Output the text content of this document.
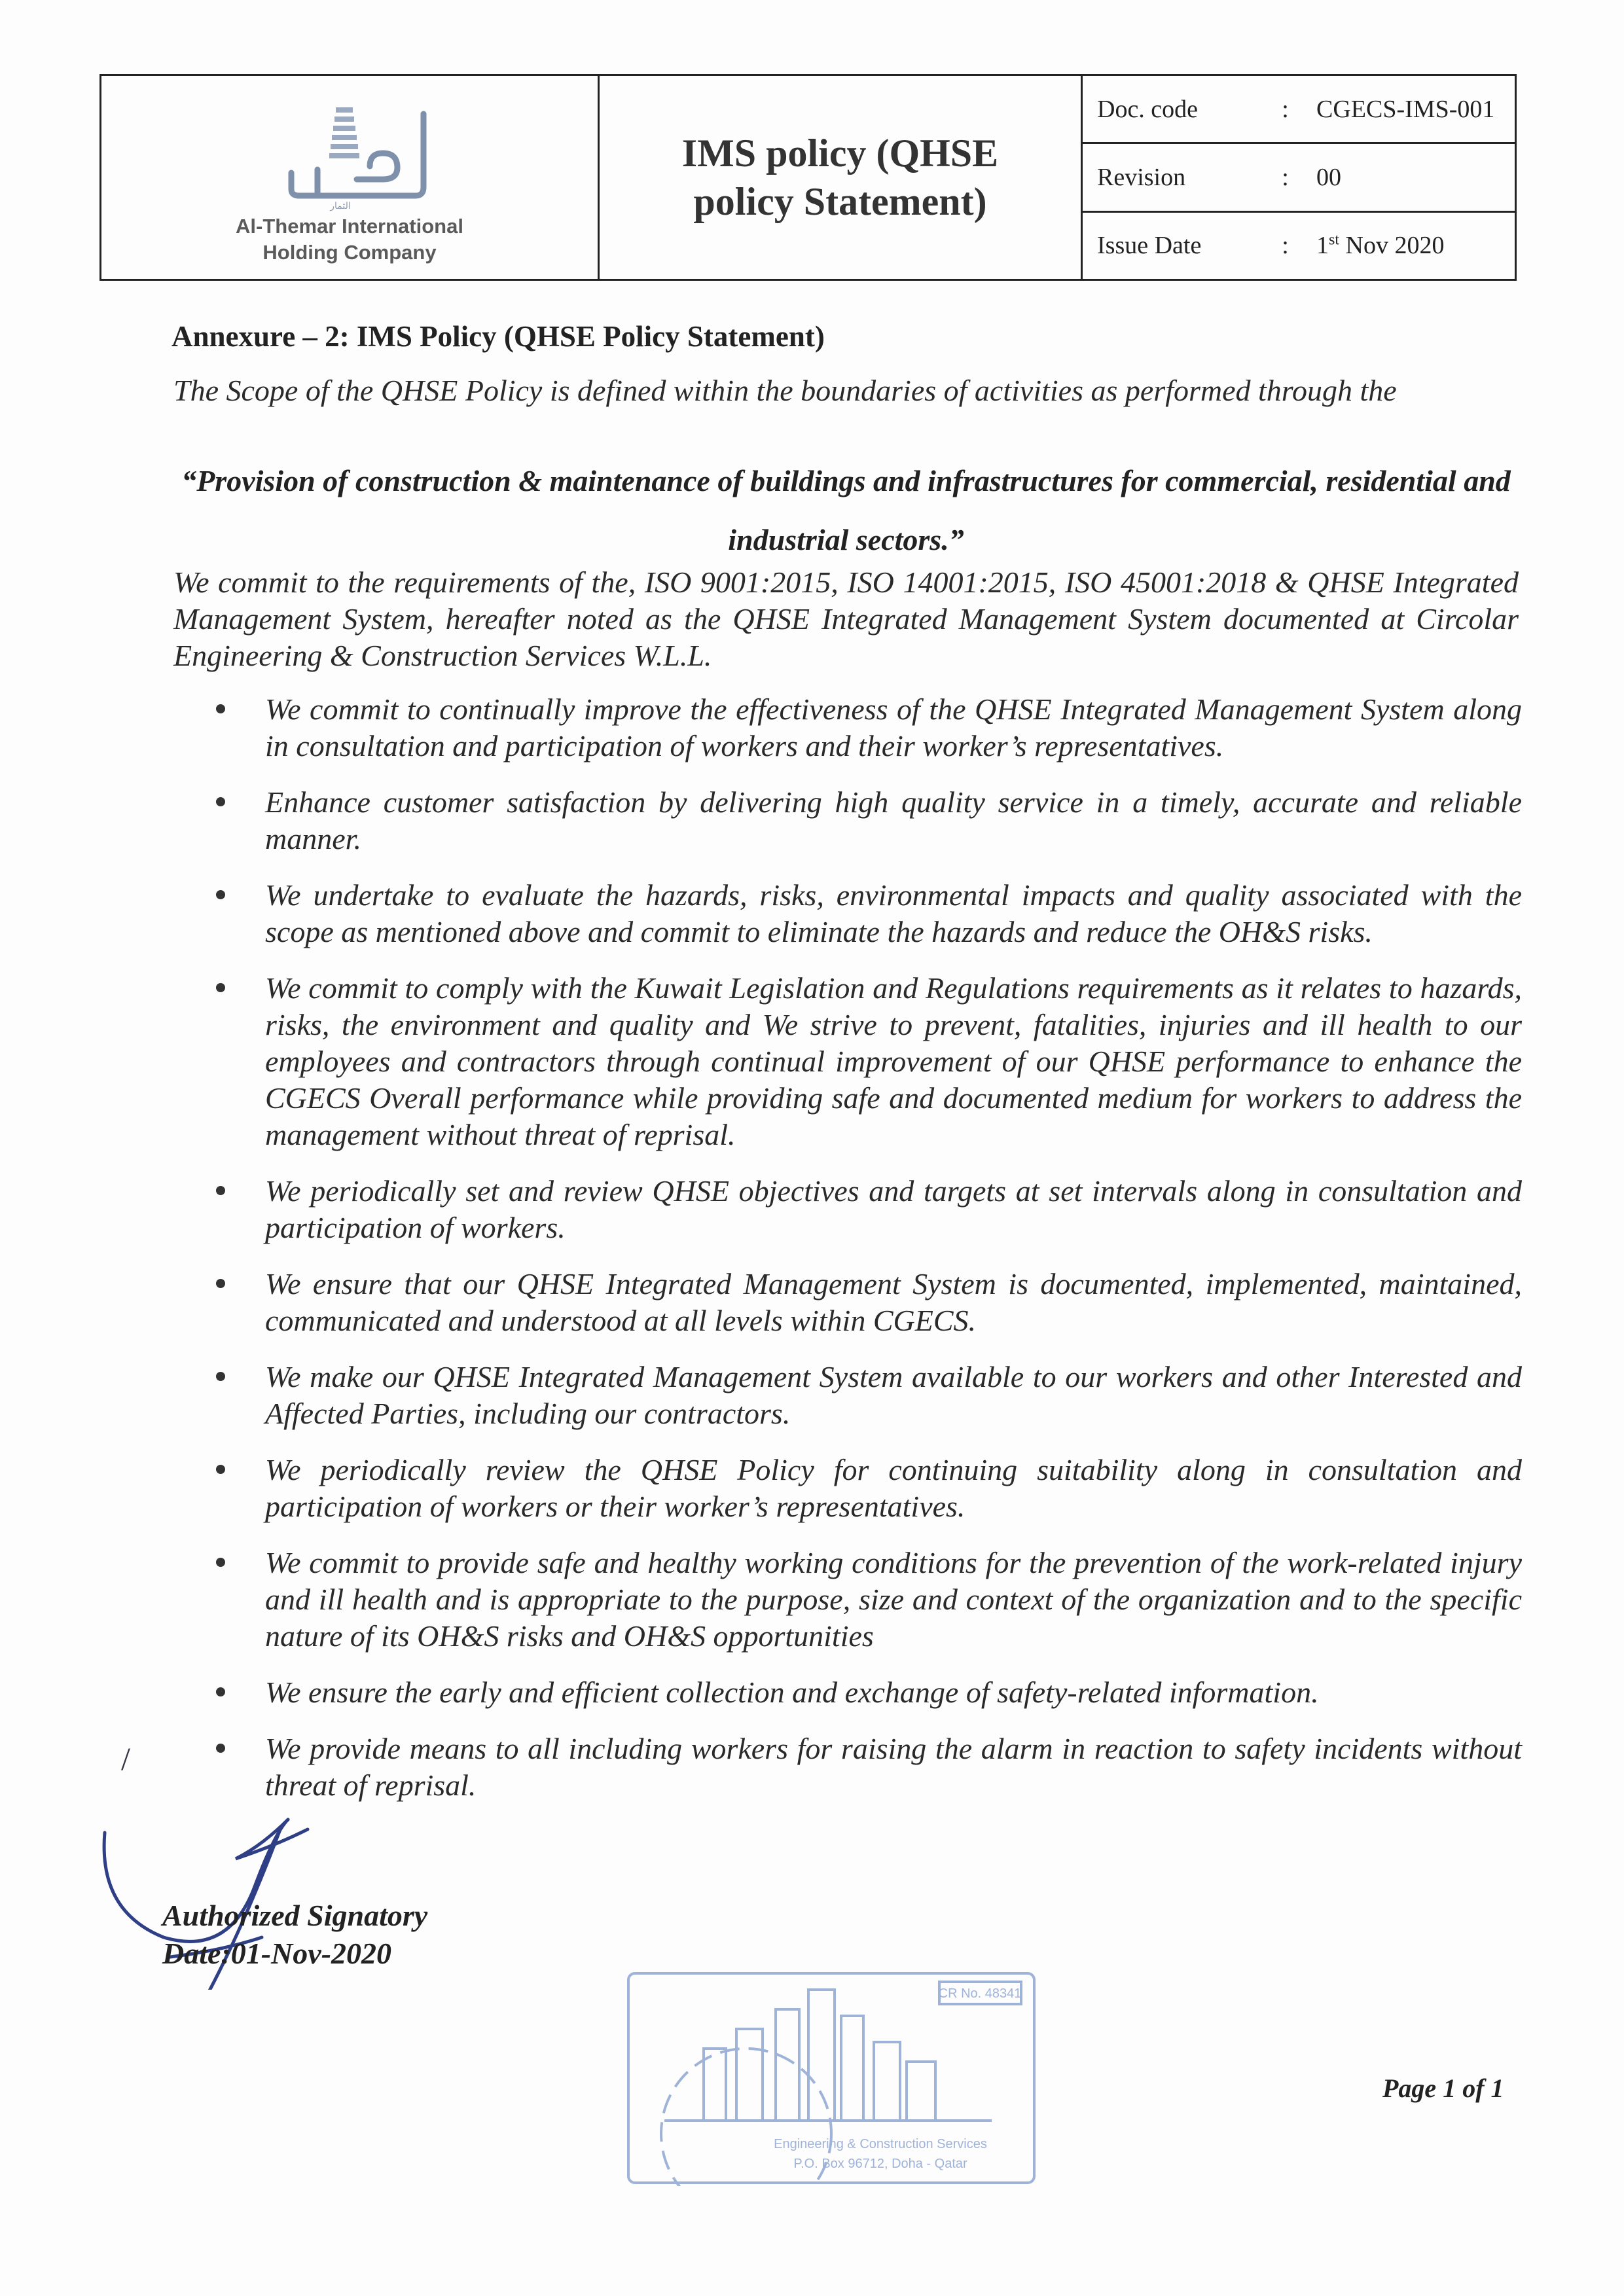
الثمار
Al-Themar International
Holding Company
IMS policy (QHSE policy Statement)
Doc. code	:	CGECS-IMS-001
Revision	:	00
Issue Date	:	1st Nov 2020
Annexure – 2: IMS Policy (QHSE Policy Statement)
The Scope of the QHSE Policy is defined within the boundaries of activities as performed through the
“Provision of construction & maintenance of buildings and infrastructures for commercial, residential and industrial sectors.”
We commit to the requirements of the, ISO 9001:2015, ISO 14001:2015, ISO 45001:2018 & QHSE Integrated Management System, hereafter noted as the QHSE Integrated Management System documented at Circolar Engineering & Construction Services W.L.L.
We commit to continually improve the effectiveness of the QHSE Integrated Management System along in consultation and participation of workers and their worker’s representatives.
Enhance customer satisfaction by delivering high quality service in a timely, accurate and reliable manner.
We undertake to evaluate the hazards, risks, environmental impacts and quality associated with the scope as mentioned above and commit to eliminate the hazards and reduce the OH&S risks.
We commit to comply with the Kuwait Legislation and Regulations requirements as it relates to hazards, risks, the environment and quality and We strive to prevent, fatalities, injuries and ill health to our employees and contractors through continual improvement of our QHSE performance to enhance the CGECS Overall performance while providing safe and documented medium for workers to address the management without threat of reprisal.
We periodically set and review QHSE objectives and targets at set intervals along in consultation and participation of workers.
We ensure that our QHSE Integrated Management System is documented, implemented, maintained, communicated and understood at all levels within CGECS.
We make our QHSE Integrated Management System available to our workers and other Interested and Affected Parties, including our contractors.
We periodically review the QHSE Policy for continuing suitability along in consultation and participation of workers or their worker’s representatives.
We commit to provide safe and healthy working conditions for the prevention of the work-related injury and ill health and is appropriate to the purpose, size and context of the organization and to the specific nature of its OH&S risks and OH&S opportunities
We ensure the early and efficient collection and exchange of safety-related information.
We provide means to all including workers for raising the alarm in reaction to safety incidents without threat of reprisal.
/
Authorized Signatory
Date:01-Nov-2020
CR No. 48341
Engineering & Construction Services
P.O. Box 96712, Doha - Qatar
Page 1 of 1
